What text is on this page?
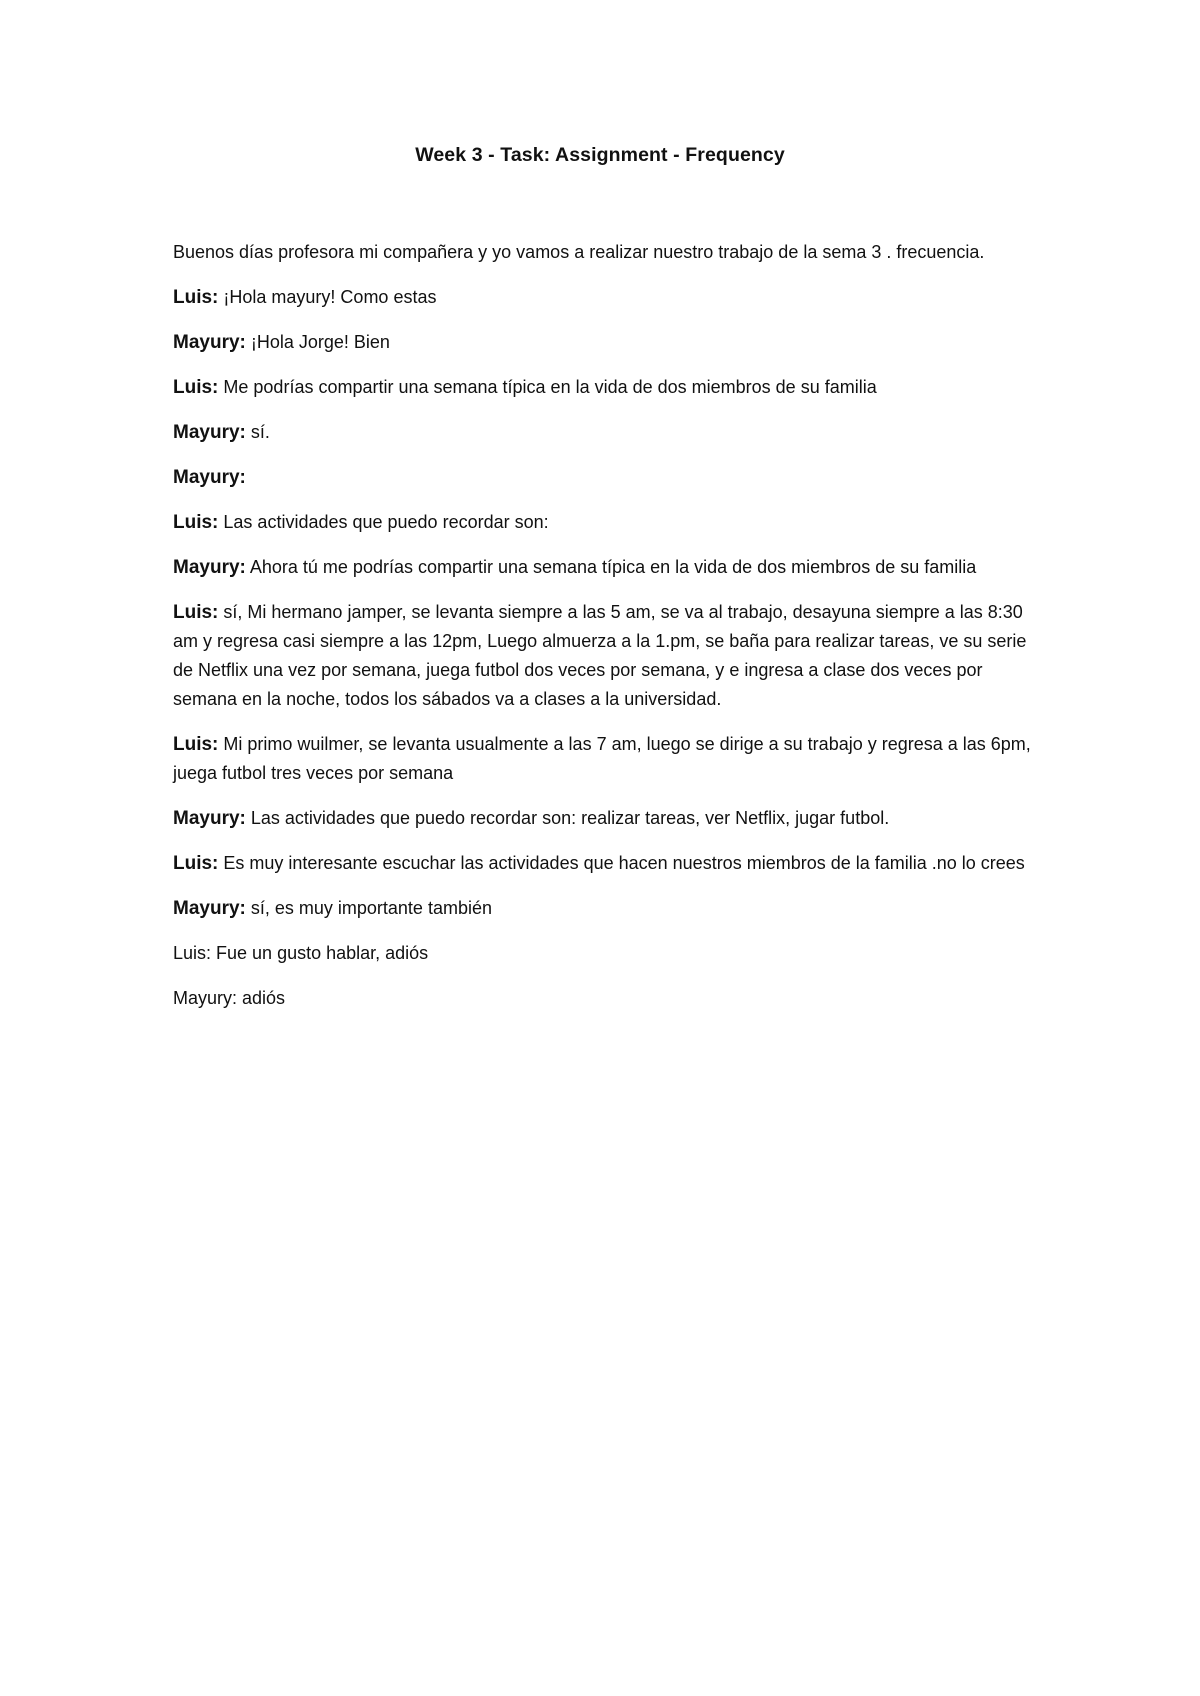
Week 3 - Task: Assignment - Frequency

Buenos días profesora mi compañera y yo vamos a realizar nuestro trabajo de la sema 3 . frecuencia.

Luis: ¡Hola mayury! Como estas

Mayury: ¡Hola Jorge! Bien

Luis: Me podrías compartir una semana típica en la vida de dos miembros de su familia

Mayury: sí.

Mayury:

Luis: Las actividades que puedo recordar son:

Mayury: Ahora tú me podrías compartir una semana típica en la vida de dos miembros de su familia

Luis: sí, Mi hermano jamper, se levanta siempre a las 5 am, se va al trabajo, desayuna siempre a las 8:30 am y regresa casi siempre a las 12pm, Luego almuerza a la 1.pm, se baña para realizar tareas, ve su serie de Netflix una vez por semana, juega futbol dos veces por semana, y e ingresa a clase dos veces por semana en la noche, todos los sábados va a clases a la universidad.

Luis: Mi primo wuilmer, se levanta usualmente a las 7 am, luego se dirige a su trabajo y regresa a las 6pm, juega futbol tres veces por semana

Mayury: Las actividades que puedo recordar son: realizar tareas, ver Netflix, jugar futbol.

Luis: Es muy interesante escuchar las actividades que hacen nuestros miembros de la familia .no lo crees

Mayury: sí, es muy importante también

Luis: Fue un gusto hablar, adiós

Mayury: adiós
